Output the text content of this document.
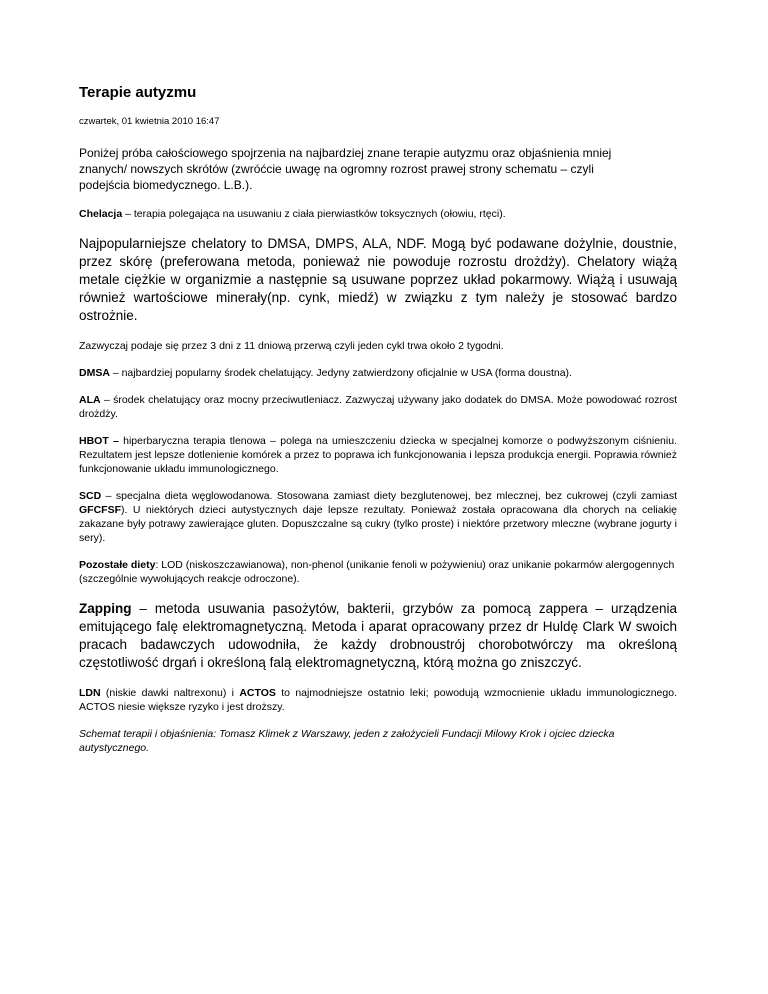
Terapie autyzmu
czwartek, 01 kwietnia 2010 16:47

Poniżej próba całościowego spojrzenia na najbardziej znane terapie autyzmu oraz objaśnienia mniej znanych/ nowszych skrótów (zwróćcie uwagę na ogromny rozrost prawej strony schematu – czyli podejścia biomedycznego. L.B.).

Chelacja – terapia polegająca na usuwaniu z ciała pierwiastków toksycznych (ołowiu, rtęci).

Najpopularniejsze chelatory to DMSA, DMPS, ALA, NDF. Mogą być podawane dożylnie, doustnie, przez skórę (preferowana metoda, ponieważ nie powoduje rozrostu drożdży). Chelatory wiążą metale ciężkie w organizmie a następnie są usuwane poprzez układ pokarmowy. Wiążą i usuwają również wartościowe minerały(np. cynk, miedź) w związku z tym należy je stosować bardzo ostrożnie.

Zazwyczaj podaje się przez 3 dni z 11 dniową przerwą czyli jeden cykl trwa około 2 tygodni.

DMSA – najbardziej popularny środek chelatujący. Jedyny zatwierdzony oficjalnie w USA (forma doustna).

ALA – środek chelatujący oraz mocny przeciwutleniacz. Zazwyczaj używany jako dodatek do DMSA. Może powodować rozrost drożdży.

HBOT – hiperbaryczna terapia tlenowa – polega na umieszczeniu dziecka w specjalnej komorze o podwyższonym ciśnieniu. Rezultatem jest lepsze dotlenienie komórek a przez to poprawa ich funkcjonowania i lepsza produkcja energii. Poprawia również funkcjonowanie układu immunologicznego.

SCD – specjalna dieta węglowodanowa. Stosowana zamiast diety bezglutenowej, bez mlecznej, bez cukrowej (czyli zamiast GFCFSF). U niektórych dzieci autystycznych daje lepsze rezultaty. Ponieważ została opracowana dla chorych na celiakię zakazane były potrawy zawierające gluten. Dopuszczalne są cukry (tylko proste) i niektóre przetwory mleczne (wybrane jogurty i sery).

Pozostałe diety: LOD (niskoszczawianowa), non-phenol (unikanie fenoli w pożywieniu) oraz unikanie pokarmów alergogennych (szczególnie wywołujących reakcje odroczone).

Zapping – metoda usuwania pasożytów, bakterii, grzybów za pomocą zappera – urządzenia emitującego falę elektromagnetyczną. Metoda i aparat opracowany przez dr Huldę Clark W swoich pracach badawczych udowodniła, że każdy drobnoustrój chorobotwórczy ma określoną częstotliwość drgań i określoną falą elektromagnetyczną, którą można go zniszczyć.

LDN (niskie dawki naltrexonu) i ACTOS to najmodniejsze ostatnio leki; powodują wzmocnienie układu immunologicznego. ACTOS niesie większe ryzyko i jest droższy.

Schemat terapii i objaśnienia: Tomasz Klimek z Warszawy, jeden z założycieli Fundacji Milowy Krok i ojciec dziecka autystycznego.
